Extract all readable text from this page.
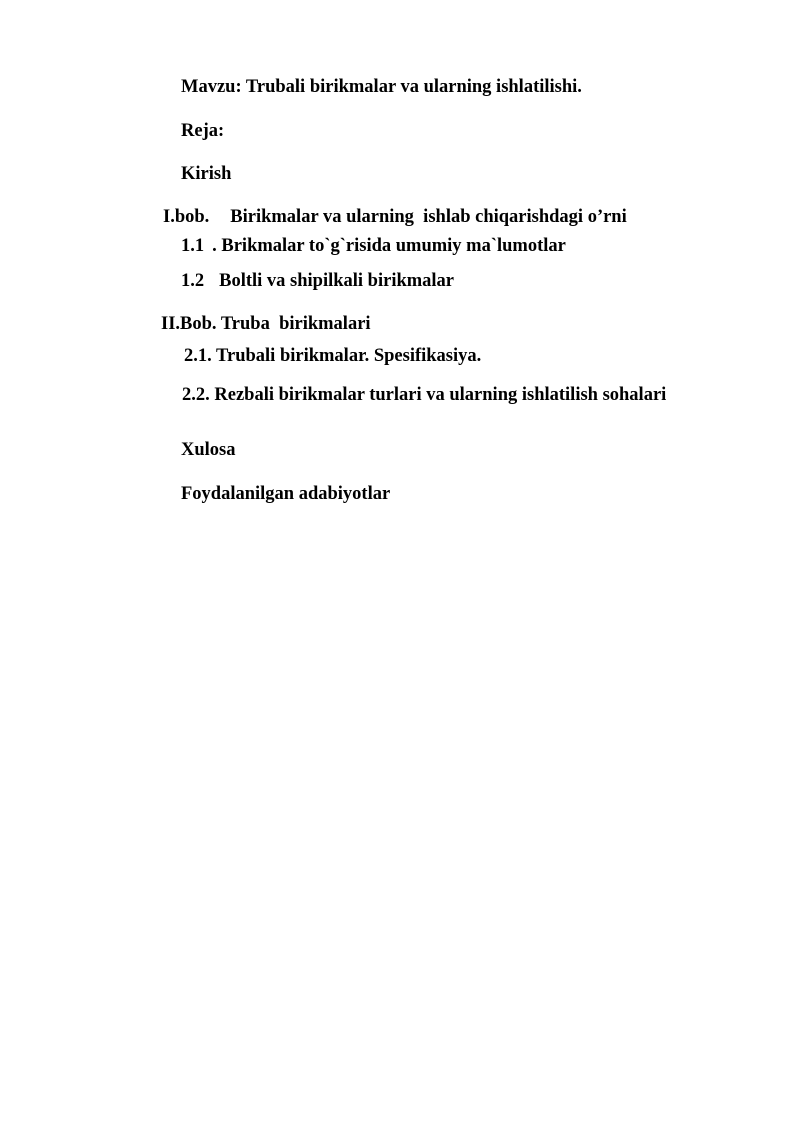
Mavzu: Trubali birikmalar va ularning ishlatilishi.
Reja:
Kirish
I.bob. Birikmalar va ularning  ishlab chiqarishdagi o’rni
1.1 . Brikmalar to`g`risida umumiy ma`lumotlar
1.2 Boltli va shipilkali birikmalar
II.Bob. Truba  birikmalari
2.1. Trubali birikmalar. Spesifikasiya.
2.2. Rezbali birikmalar turlari va ularning ishlatilish sohalari
Xulosa
Foydalanilgan adabiyotlar
